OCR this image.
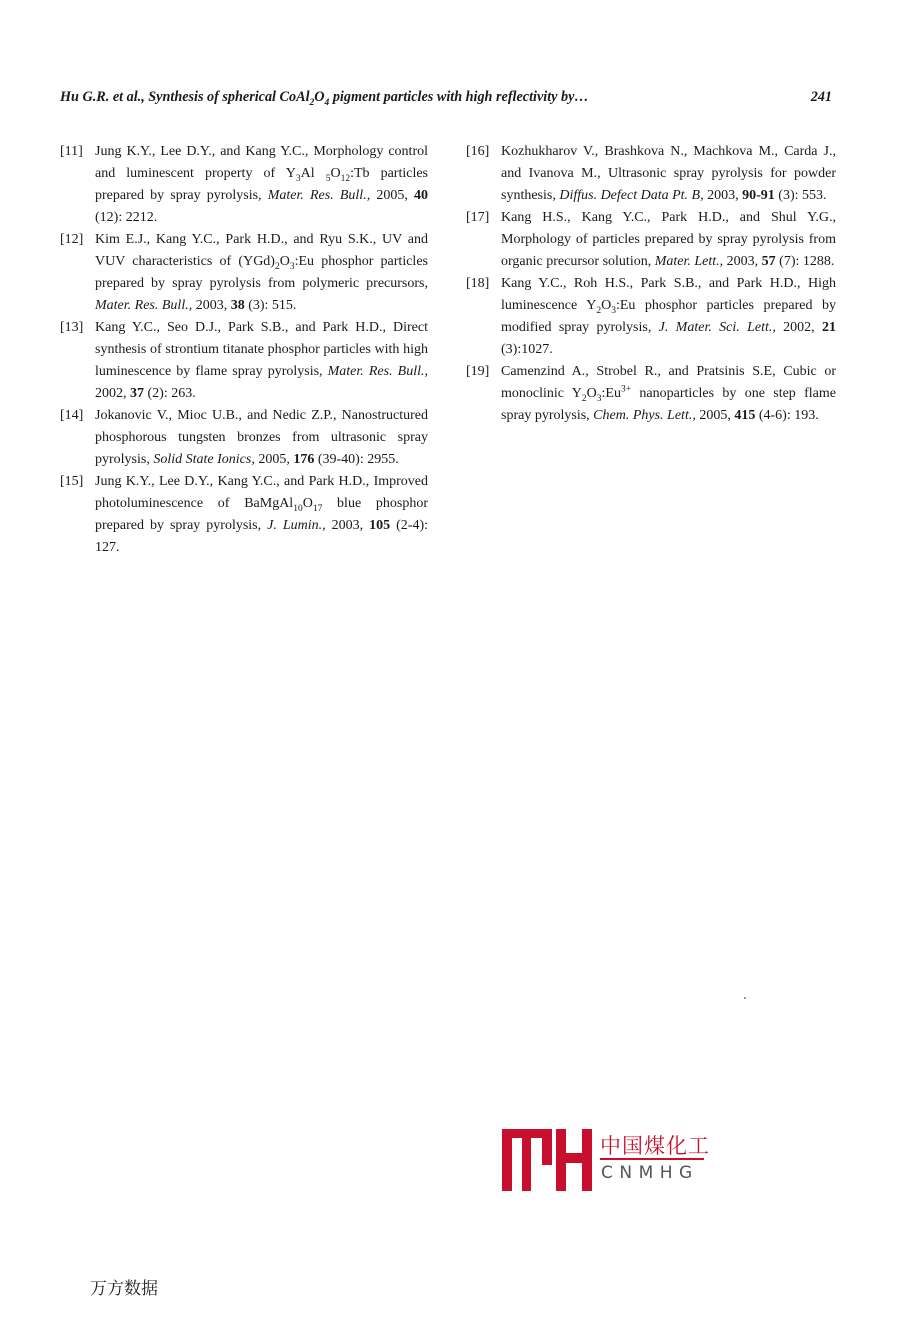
Hu G.R. et al., Synthesis of spherical $CoAl_2O_4$ pigment particles with high reflectivity by…	241

[11] Jung K.Y., Lee D.Y., and Kang Y.C., Morphology control and luminescent property of $Y_3Al$ $_5O_{12}:Tb$ particles prepared by spray pyrolysis, Mater. Res. Bull., 2005, 40 (12): 2212.

[12] Kim E.J., Kang Y.C., Park H.D., and Ryu S.K., UV and VUV characteristics of $(YGd)_2O_3:Eu$ phosphor particles prepared by spray pyrolysis from polymeric precursors, Mater. Res. Bull., 2003, 38 (3): 515.

[13] Kang Y.C., Seo D.J., Park S.B., and Park H.D., Direct synthesis of strontium titanate phosphor particles with high luminescence by flame spray pyrolysis, Mater. Res. Bull., 2002, 37 (2): 263.

[14] Jokanovic V., Mioc U.B., and Nedic Z.P., Nanostructured phosphorous tungsten bronzes from ultrasonic spray pyrolysis, Solid State Ionics, 2005, 176 (39-40): 2955.

[15] Jung K.Y., Lee D.Y., Kang Y.C., and Park H.D., Improved photoluminescence of $BaMgAl_{10}O_{17}$ blue phosphor prepared by spray pyrolysis, J. Lumin., 2003, 105 (2-4): 127.

[16] Kozhukharov V., Brashkova N., Machkova M., Carda J., and Ivanova M., Ultrasonic spray pyrolysis for powder synthesis, Diffus. Defect Data Pt. B, 2003, 90-91 (3): 553.

[17] Kang H.S., Kang Y.C., Park H.D., and Shul Y.G., Morphology of particles prepared by spray pyrolysis from organic precursor solution, Mater. Lett., 2003, 57 (7): 1288.

[18] Kang Y.C., Roh H.S., Park S.B., and Park H.D., High luminescence $Y_2O_3:Eu$ phosphor particles prepared by modified spray pyrolysis, J. Mater. Sci. Lett., 2002, 21 (3):1027.

[19] Camenzind A., Strobel R., and Pratsinis S.E, Cubic or monoclinic $Y_2O_3:Eu^{3+}$ nanoparticles by one step flame spray pyrolysis, Chem. Phys. Lett., 2005, 415 (4-6): 193.

中国煤化工
CNMHG
万方数据
